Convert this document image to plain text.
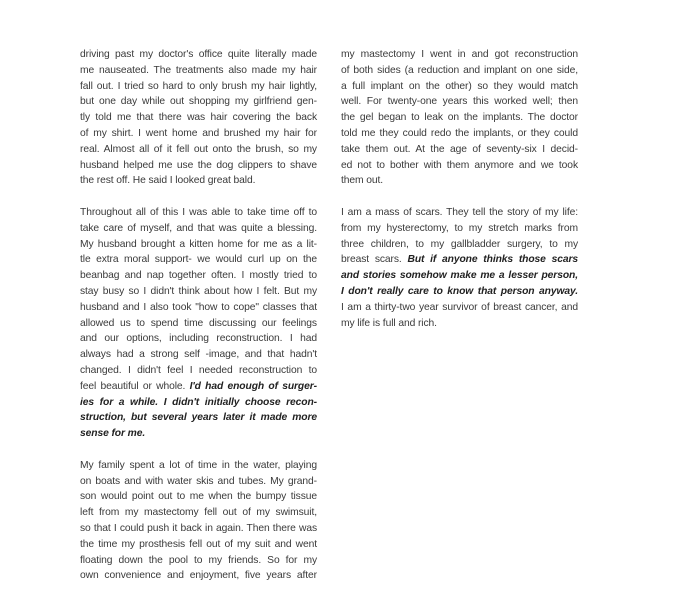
driving past my doctor's office quite literally made
me nauseated. The treatments also made my hair
fall out. I tried so hard to only brush my hair lightly,
but one day while out shopping my girlfriend gen-
tly told me that there was hair covering the back
of my shirt. I went home and brushed my hair for
real. Almost all of it fell out onto the brush, so my
husband helped me use the dog clippers to shave
the rest off. He said I looked great bald.
Throughout all of this I was able to take time off to
take care of myself, and that was quite a blessing.
My husband brought a kitten home for me as a lit-
tle extra moral support- we would curl up on the
beanbag and nap together often. I mostly tried to
stay busy so I didn't think about how I felt. But my
husband and I also took "how to cope" classes that
allowed us to spend time discussing our feelings
and our options, including reconstruction. I had
always had a strong self -image, and that hadn't
changed. I didn't feel I needed reconstruction to
feel beautiful or whole. I'd had enough of surger-
ies for a while. I didn't initially choose recon-
struction, but several years later it made more
sense for me.
My family spent a lot of time in the water, playing
on boats and with water skis and tubes. My grand-
son would point out to me when the bumpy tissue
left from my mastectomy fell out of my swimsuit,
so that I could push it back in again. Then there was
the time my prosthesis fell out of my suit and went
floating down the pool to my friends. So for my
own convenience and enjoyment, five years after
my mastectomy I went in and got reconstruction
of both sides (a reduction and implant on one side,
a full implant on the other) so they would match
well. For twenty-one years this worked well; then
the gel began to leak on the implants. The doctor
told me they could redo the implants, or they could
take them out. At the age of seventy-six I decid-
ed not to bother with them anymore and we took
them out.
I am a mass of scars. They tell the story of my life:
from my hysterectomy, to my stretch marks from
three children, to my gallbladder surgery, to my
breast scars. But if anyone thinks those scars
and stories somehow make me a lesser person,
I don't really care to know that person anyway.
I am a thirty-two year survivor of breast cancer, and
my life is full and rich.
